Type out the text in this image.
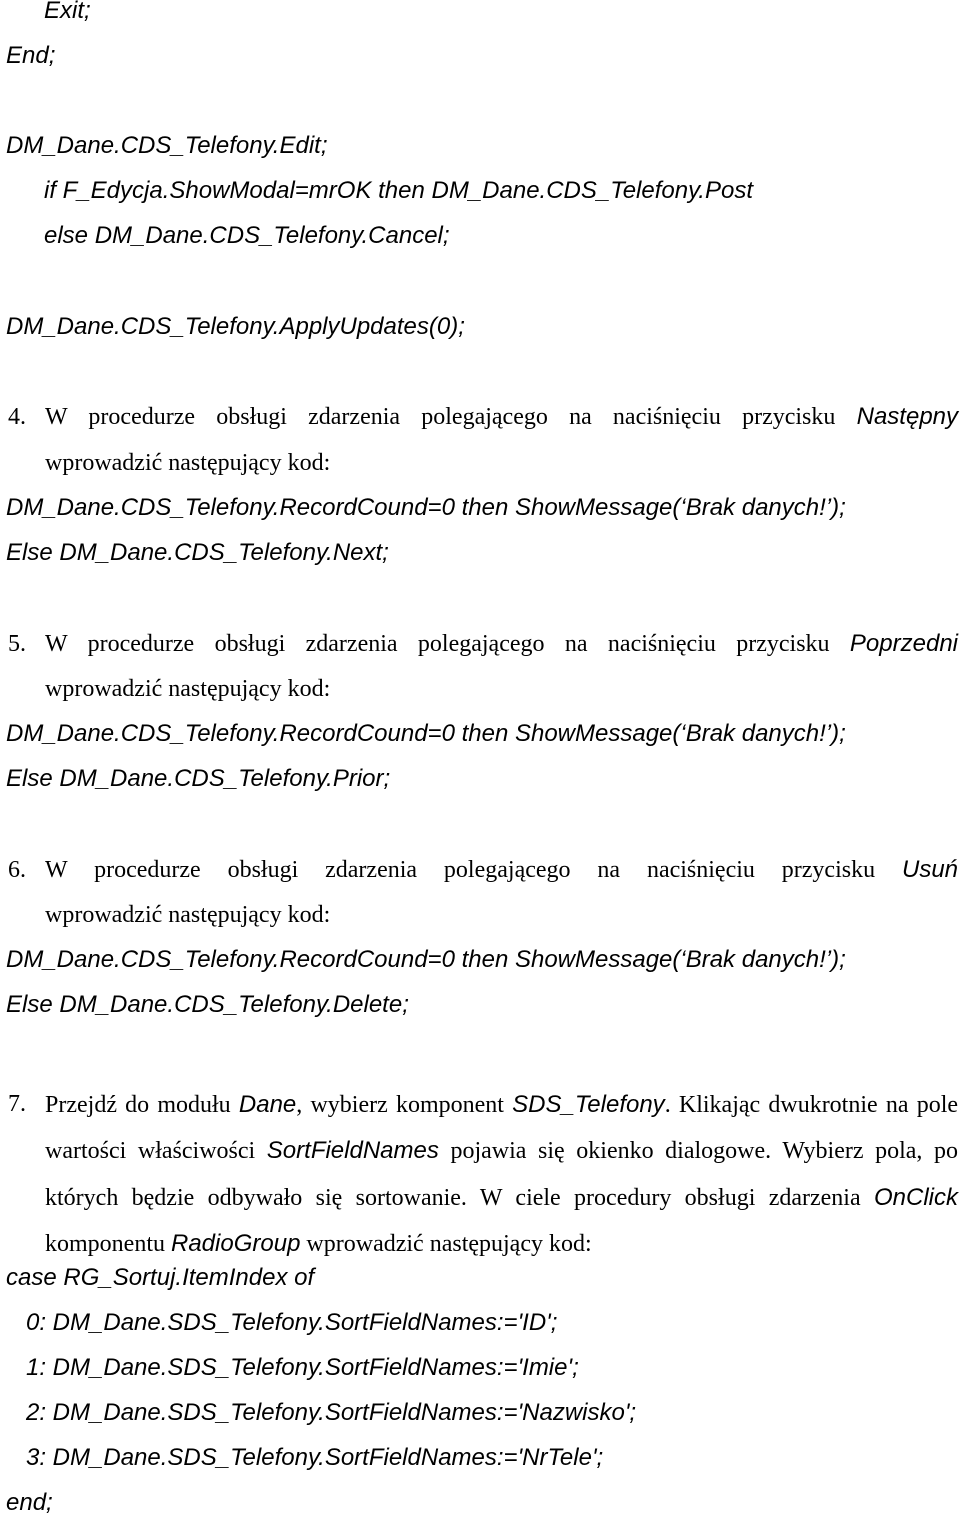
Exit;
End;
DM_Dane.CDS_Telefony.Edit;
if F_Edycja.ShowModal=mrOK then DM_Dane.CDS_Telefony.Post
else DM_Dane.CDS_Telefony.Cancel;
DM_Dane.CDS_Telefony.ApplyUpdates(0);
4. W procedurze obsługi zdarzenia polegającego na naciśnięciu przycisku Następny
wprowadzić następujący kod:
DM_Dane.CDS_Telefony.RecordCound=0 then ShowMessage(‘Brak danych!’);
Else DM_Dane.CDS_Telefony.Next;
5. W procedurze obsługi zdarzenia polegającego na naciśnięciu przycisku Poprzedni
wprowadzić następujący kod:
DM_Dane.CDS_Telefony.RecordCound=0 then ShowMessage(‘Brak danych!’);
Else DM_Dane.CDS_Telefony.Prior;
6. W procedurze obsługi zdarzenia polegającego na naciśnięciu przycisku Usuń
wprowadzić następujący kod:
DM_Dane.CDS_Telefony.RecordCound=0 then ShowMessage(‘Brak danych!’);
Else DM_Dane.CDS_Telefony.Delete;
7. Przejdź do modułu Dane, wybierz komponent SDS_Telefony. Klikając dwukrotnie na pole wartości właściwości SortFieldNames pojawia się okienko dialogowe. Wybierz pola, po których będzie odbywało się sortowanie. W ciele procedury obsługi zdarzenia OnClick komponentu RadioGroup wprowadzić następujący kod:
case RG_Sortuj.ItemIndex of
0: DM_Dane.SDS_Telefony.SortFieldNames:='ID';
1: DM_Dane.SDS_Telefony.SortFieldNames:='Imie';
2: DM_Dane.SDS_Telefony.SortFieldNames:='Nazwisko';
3: DM_Dane.SDS_Telefony.SortFieldNames:='NrTele';
end;
